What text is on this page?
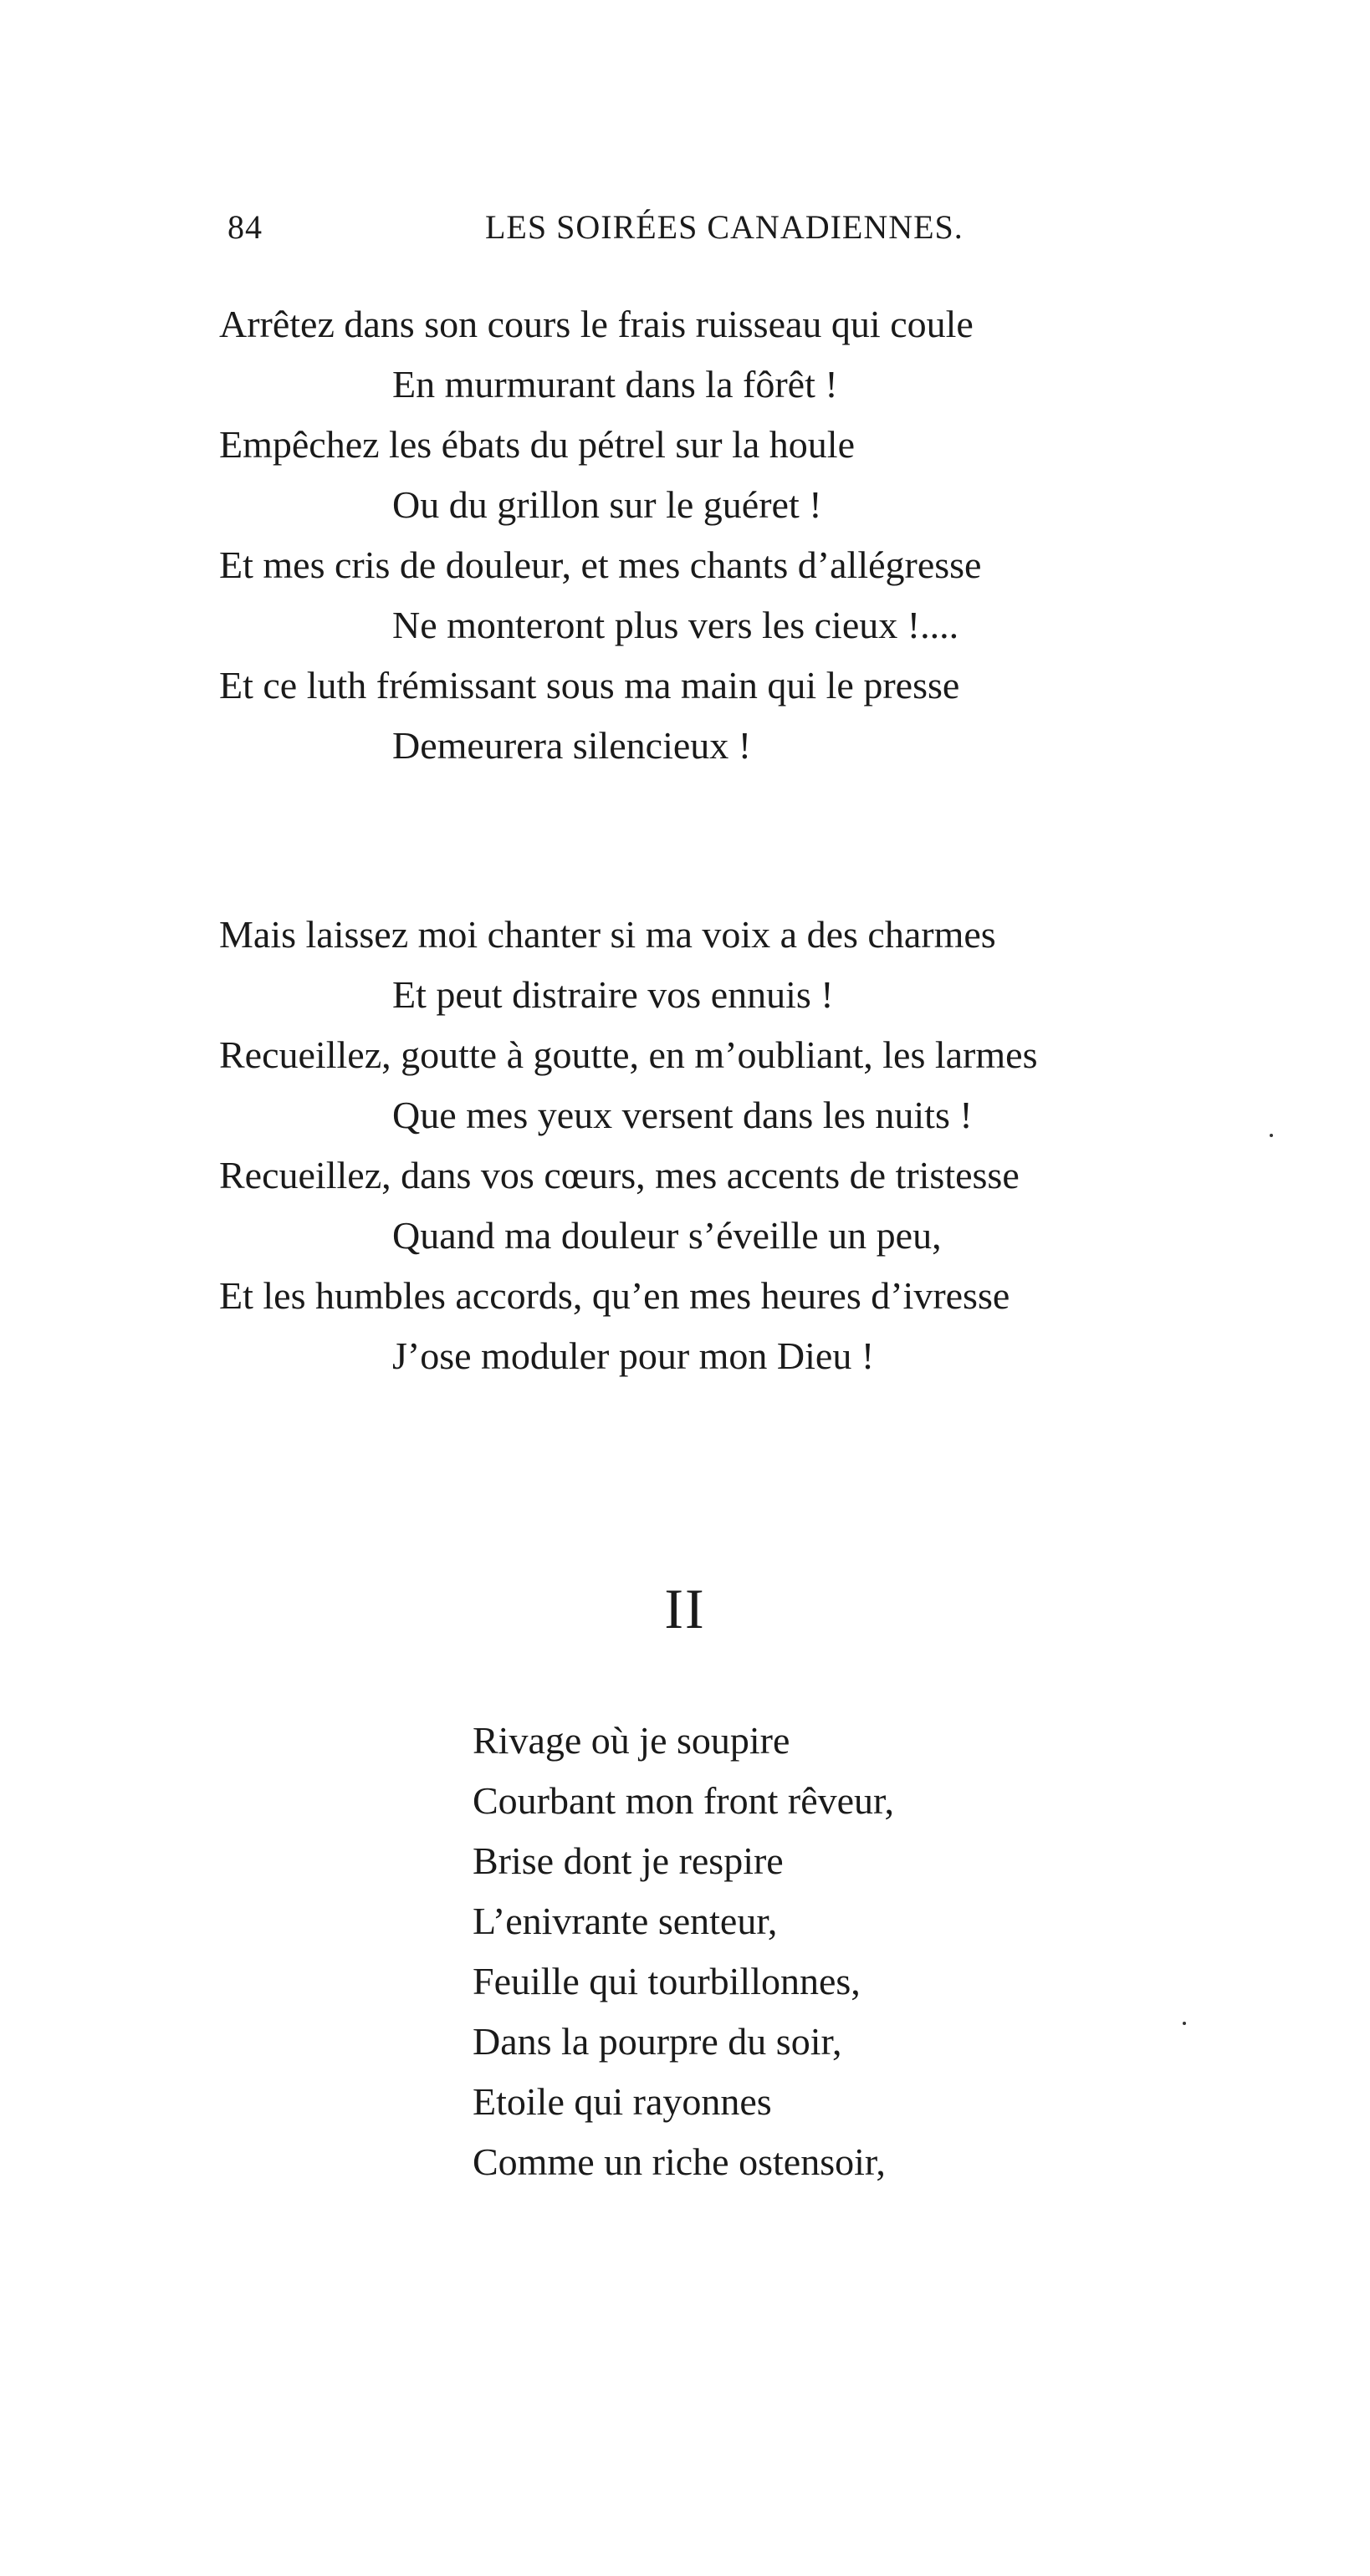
84	LES SOIRÉES CANADIENNES.
Arrêtez dans son cours le frais ruisseau qui coule
En murmurant dans la fôrêt !
Empêchez les ébats du pétrel sur la houle
Ou du grillon sur le guéret !
Et mes cris de douleur, et mes chants d’allégresse
Ne monteront plus vers les cieux !....
Et ce luth frémissant sous ma main qui le presse
Demeurera silencieux !
Mais laissez moi chanter si ma voix a des charmes
Et peut distraire vos ennuis !
Recueillez, goutte à goutte, en m’oubliant, les larmes
Que mes yeux versent dans les nuits !
Recueillez, dans vos cœurs, mes accents de tristesse
Quand ma douleur s’éveille un peu,
Et les humbles accords, qu’en mes heures d’ivresse
J’ose moduler pour mon Dieu !
II
Rivage où je soupire
Courbant mon front rêveur,
Brise dont je respire
L’enivrante senteur,
Feuille qui tourbillonnes,
Dans la pourpre du soir,
Etoile qui rayonnes
Comme un riche ostensoir,
